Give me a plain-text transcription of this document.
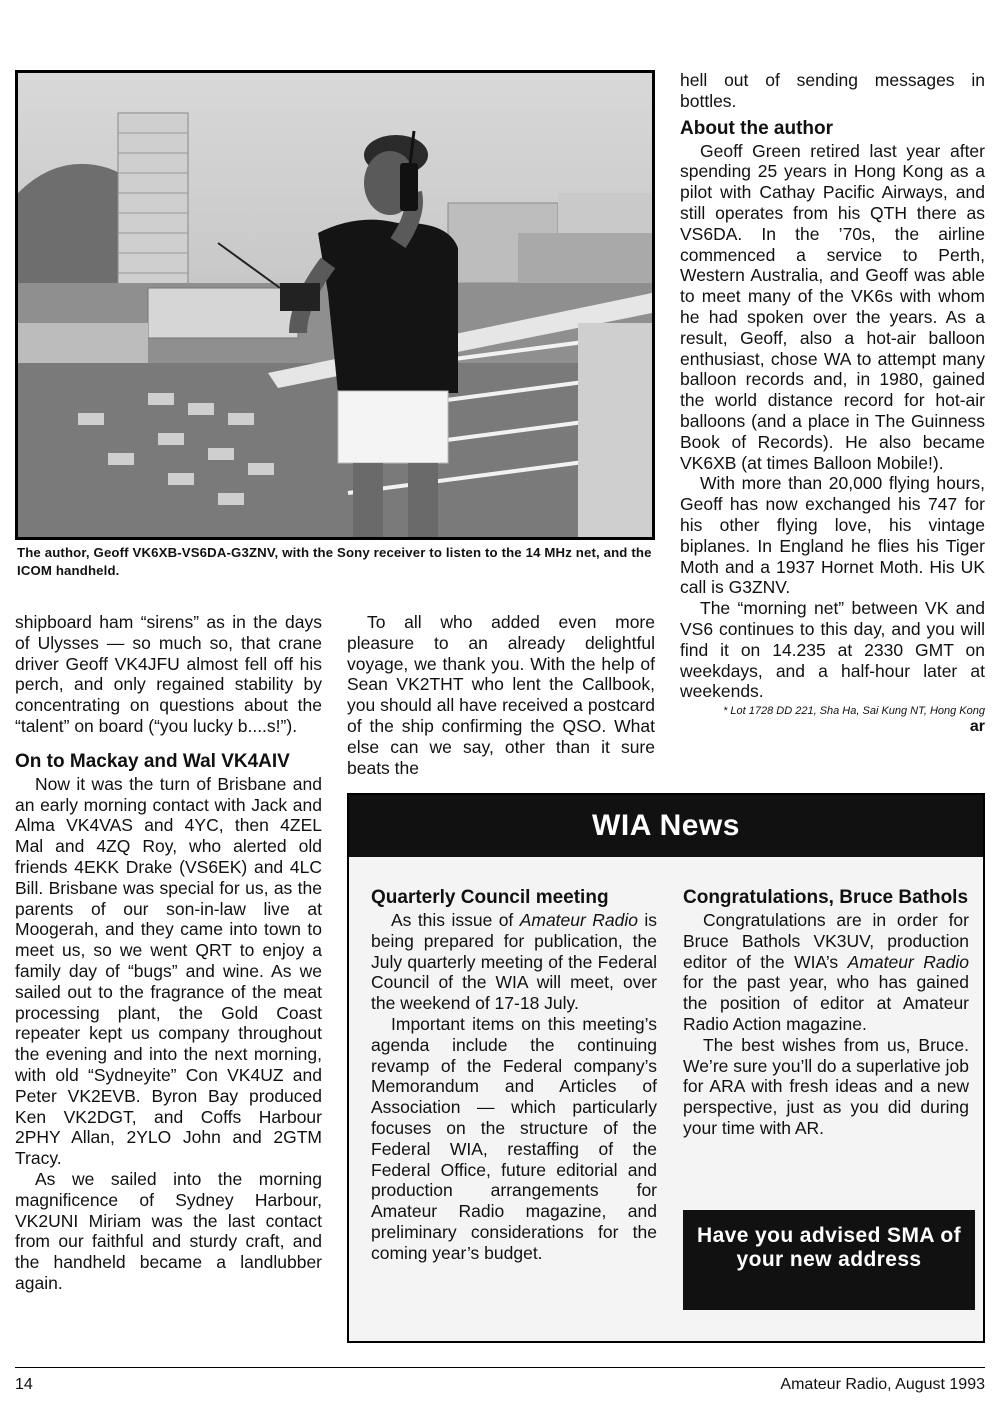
The author, Geoff VK6XB-VS6DA-G3ZNV, with the Sony receiver to listen to the 14 MHz net, and the ICOM handheld.

hell out of sending messages in bottles.

About the author

Geoff Green retired last year after spending 25 years in Hong Kong as a pilot with Cathay Pacific Airways, and still operates from his QTH there as VS6DA. In the ’70s, the airline commenced a service to Perth, Western Australia, and Geoff was able to meet many of the VK6s with whom he had spoken over the years. As a result, Geoff, also a hot-air balloon enthusiast, chose WA to attempt many balloon records and, in 1980, gained the world distance record for hot-air balloons (and a place in The Guinness Book of Records). He also became VK6XB (at times Balloon Mobile!).

With more than 20,000 flying hours, Geoff has now exchanged his 747 for his other flying love, his vintage biplanes. In England he flies his Tiger Moth and a 1937 Hornet Moth. His UK call is G3ZNV.

The “morning net” between VK and VS6 continues to this day, and you will find it on 14.235 at 2330 GMT on weekdays, and a half-hour later at weekends.

* Lot 1728 DD 221, Sha Ha, Sai Kung NT, Hong Kong

ar

shipboard ham “sirens” as in the days of Ulysses — so much so, that crane driver Geoff VK4JFU almost fell off his perch, and only regained stability by concentrating on questions about the “talent” on board (“you lucky b....s!”).

On to Mackay and Wal VK4AIV

Now it was the turn of Brisbane and an early morning contact with Jack and Alma VK4VAS and 4YC, then 4ZEL Mal and 4ZQ Roy, who alerted old friends 4EKK Drake (VS6EK) and 4LC Bill. Brisbane was special for us, as the parents of our son-in-law live at Moogerah, and they came into town to meet us, so we went QRT to enjoy a family day of “bugs” and wine. As we sailed out to the fragrance of the meat processing plant, the Gold Coast repeater kept us company throughout the evening and into the next morning, with old “Sydneyite” Con VK4UZ and Peter VK2EVB. Byron Bay produced Ken VK2DGT, and Coffs Harbour 2PHY Allan, 2YLO John and 2GTM Tracy.

As we sailed into the morning magnificence of Sydney Harbour, VK2UNI Miriam was the last contact from our faithful and sturdy craft, and the handheld became a landlubber again.

To all who added even more pleasure to an already delightful voyage, we thank you. With the help of Sean VK2THT who lent the Callbook, you should all have received a postcard of the ship confirming the QSO. What else can we say, other than it sure beats the

WIA News
Quarterly Council meeting

As this issue of Amateur Radio is being prepared for publication, the July quarterly meeting of the Federal Council of the WIA will meet, over the weekend of 17-18 July.

Important items on this meeting’s agenda include the continuing revamp of the Federal company’s Memorandum and Articles of Association — which particularly focuses on the structure of the Federal WIA, restaffing of the Federal Office, future editorial and production arrangements for Amateur Radio magazine, and preliminary considerations for the coming year’s budget.

Congratulations, Bruce Bathols

Congratulations are in order for Bruce Bathols VK3UV, production editor of the WIA’s Amateur Radio for the past year, who has gained the position of editor at Amateur Radio Action magazine.

The best wishes from us, Bruce. We’re sure you’ll do a superlative job for ARA with fresh ideas and a new perspective, just as you did during your time with AR.

Have you advised SMA of your new address
14	Amateur Radio, August 1993
